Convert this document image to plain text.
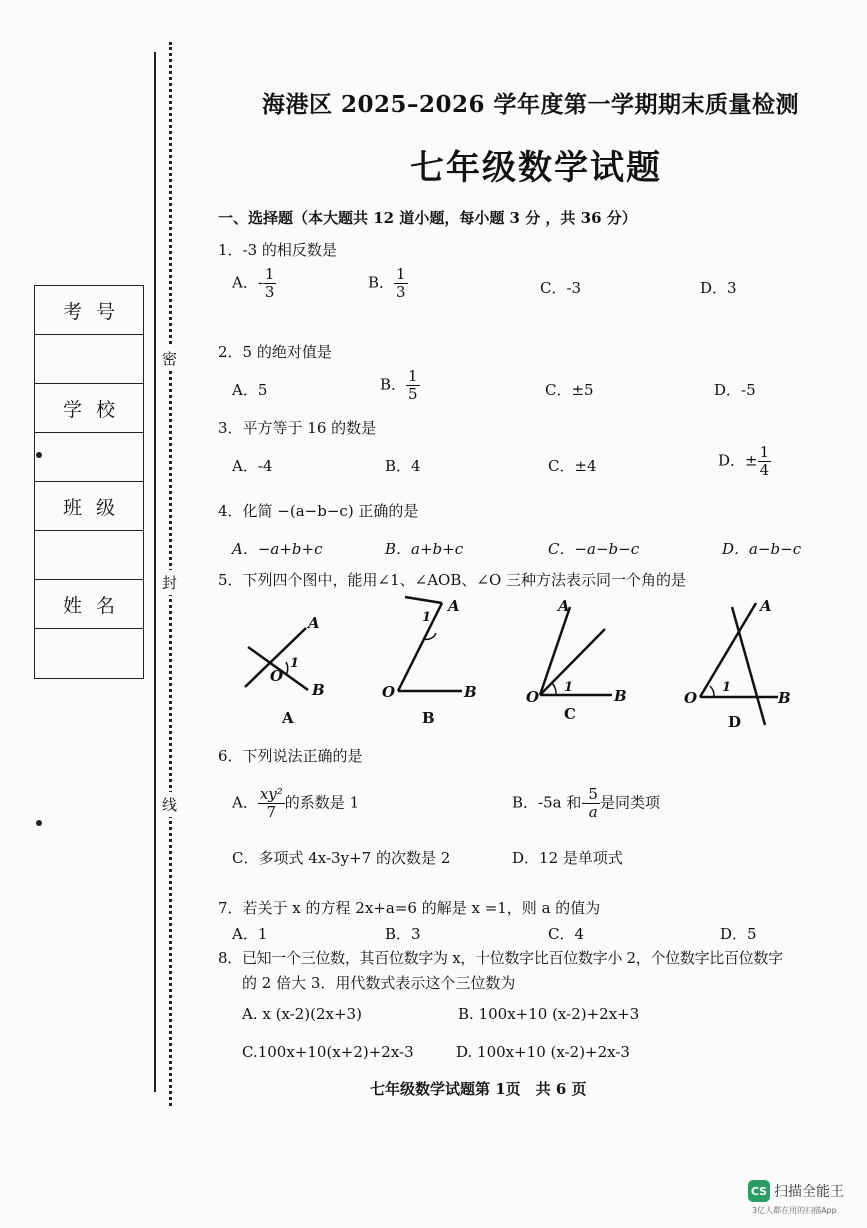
密
封
线
考号
学校
班级
姓名
海港区 2025–2026 学年度第一学期期末质量检测
七年级数学试题
一、选择题（本大题共 12 道小题，每小题 3 分 ，共 36 分）
1．-3 的相反数是
A．- $\frac{1}{3}$	B． $\frac{1}{3}$	C．-3	D．3
2．5 的绝对值是
A．5	B． $\frac{1}{5}$	C．±5	D．-5
3．平方等于 16 的数是
A．-4	B．4	C．±4	D．± $\frac{1}{4}$
4．化简 −(a−b−c) 正确的是
A．−a+b+c	B．a+b+c	C．−a−b−c	D．a−b−c
5．下列四个图中，能用∠1、∠AOB、∠O 三种方法表示同一个角的是
O
A
B
1
A
O
A
B
1
B
O
A
B
1
C
O
A
B
1
D
6．下列说法正确的是
A． $\frac{\text{xy²}}{7}$ 的系数是 1	B．-5a 和- $\frac{5}{a}$ 是同类项
C．多项式 4x-3y+7 的次数是 2	D．12 是单项式
7．若关于 x 的方程 2x+a=6 的解是 x =1，则 a 的值为
A．1	B．3	C．4	D．5
8．已知一个三位数，其百位数字为 x，十位数字比百位数字小 2，个位数字比百位数字
的 2 倍大 3．用代数式表示这个三位数为
A. x (x-2)(2x+3)	B. 100x+10 (x-2)+2x+3
C.100x+10(x+2)+2x-3	D. 100x+10 (x-2)+2x-3
七年级数学试题第 1页　共 6 页
CS 扫描全能王
3亿人都在用的扫描App
